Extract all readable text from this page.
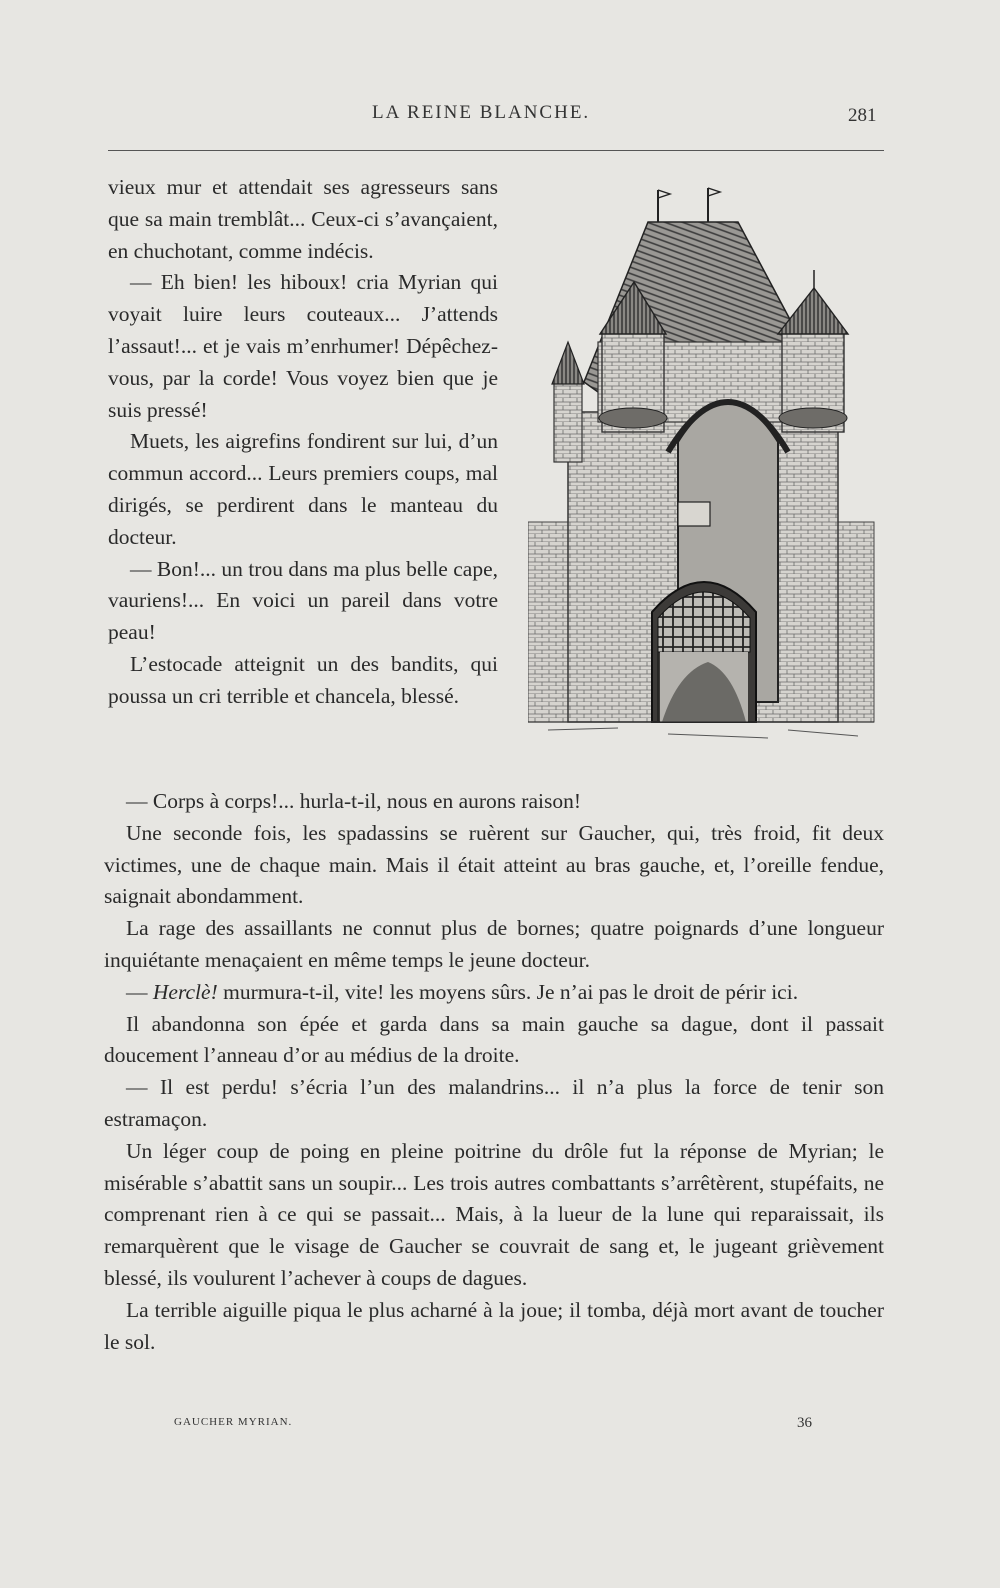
LA REINE BLANCHE.	281

vieux mur et attendait ses agresseurs sans que sa main tremblât... Ceux-ci s’avançaient, en chuchotant, comme indécis.

— Eh bien! les hiboux! cria Myrian qui voyait luire leurs couteaux... J’attends l’assaut!... et je vais m’enrhumer! Dépêchez-vous, par la corde! Vous voyez bien que je suis pressé!

Muets, les aigrefins fondirent sur lui, d’un commun accord... Leurs premiers coups, mal dirigés, se perdirent dans le manteau du docteur.

— Bon!... un trou dans ma plus belle cape, vauriens!... En voici un pareil dans votre peau!

L’estocade atteignit un des bandits, qui poussa un cri terrible et chancela, blessé.

— Corps à corps!... hurla-t-il, nous en aurons raison!

Une seconde fois, les spadassins se ruèrent sur Gaucher, qui, très froid, fit deux victimes, une de chaque main. Mais il était atteint au bras gauche, et, l’oreille fendue, saignait abondamment.

La rage des assaillants ne connut plus de bornes; quatre poignards d’une longueur inquiétante menaçaient en même temps le jeune docteur.

— Herclè! murmura-t-il, vite! les moyens sûrs. Je n’ai pas le droit de périr ici.

Il abandonna son épée et garda dans sa main gauche sa dague, dont il passait doucement l’anneau d’or au médius de la droite.

— Il est perdu! s’écria l’un des malandrins... il n’a plus la force de tenir son estramaçon.

Un léger coup de poing en pleine poitrine du drôle fut la réponse de Myrian; le misérable s’abattit sans un soupir... Les trois autres combattants s’arrêtèrent, stupéfaits, ne comprenant rien à ce qui se passait... Mais, à la lueur de la lune qui reparaissait, ils remarquèrent que le visage de Gaucher se couvrait de sang et, le jugeant grièvement blessé, ils voulurent l’achever à coups de dagues.

La terrible aiguille piqua le plus acharné à la joue; il tomba, déjà mort avant de toucher le sol.

GAUCHER MYRIAN.	36
